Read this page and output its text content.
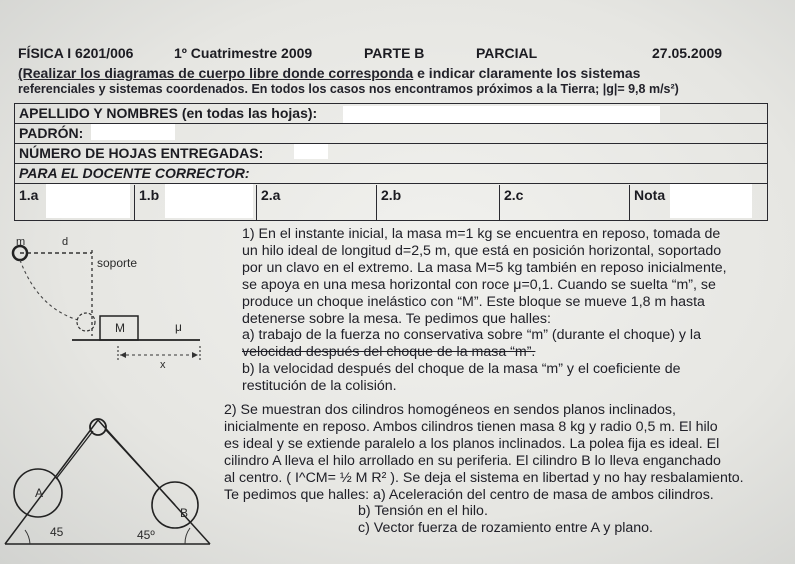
FÍSICA I 6201/006	1º Cuatrimestre 2009	PARTE B	PARCIAL	27.05.2009
(Realizar los diagramas de cuerpo libre donde corresponda e indicar claramente los sistemas
referenciales y sistemas coordenados. En todos los casos nos encontramos próximos a la Tierra; |g|= 9,8 m/s²)
APELLIDO Y NOMBRES (en todas las hojas):
PADRÓN:
NÚMERO DE HOJAS ENTREGADAS:
PARA EL DOCENTE CORRECTOR:
1.a	1.b	2.a	2.b	2.c	Nota
1) En el instante inicial, la masa m=1 kg se encuentra en reposo, tomada de
un hilo ideal de longitud d=2,5 m, que está en posición horizontal, soportado
por un clavo en el extremo. La masa M=5 kg también en reposo inicialmente,
se apoya en una mesa horizontal con roce μ=0,1. Cuando se suelta “m”, se
produce un choque inelástico con “M”. Este bloque se mueve 1,8 m hasta
detenerse sobre la mesa. Te pedimos que halles:
a) trabajo de la fuerza no conservativa sobre “m” (durante el choque) y la
velocidad después del choque de la masa “m”.
b) la velocidad después del choque de la masa “m” y el coeficiente de
restitución de la colisión.
2) Se muestran dos cilindros homogéneos en sendos planos inclinados,
inicialmente en reposo. Ambos cilindros tienen masa 8 kg y radio 0,5 m. El hilo
es ideal y se extiende paralelo a los planos inclinados. La polea fija es ideal. El
cilindro A lleva el hilo arrollado en su periferia. El cilindro B lo lleva enganchado
al centro. ( I^CM= ½ M R² ). Se deja el sistema en libertad y no hay resbalamiento.
Te pedimos que halles: a) Aceleración del centro de masa de ambos cilindros.
b) Tensión en el hilo.
c) Vector fuerza de rozamiento entre A y plano.
m	d
soporte
M	μ
x
A
B
45	45º
